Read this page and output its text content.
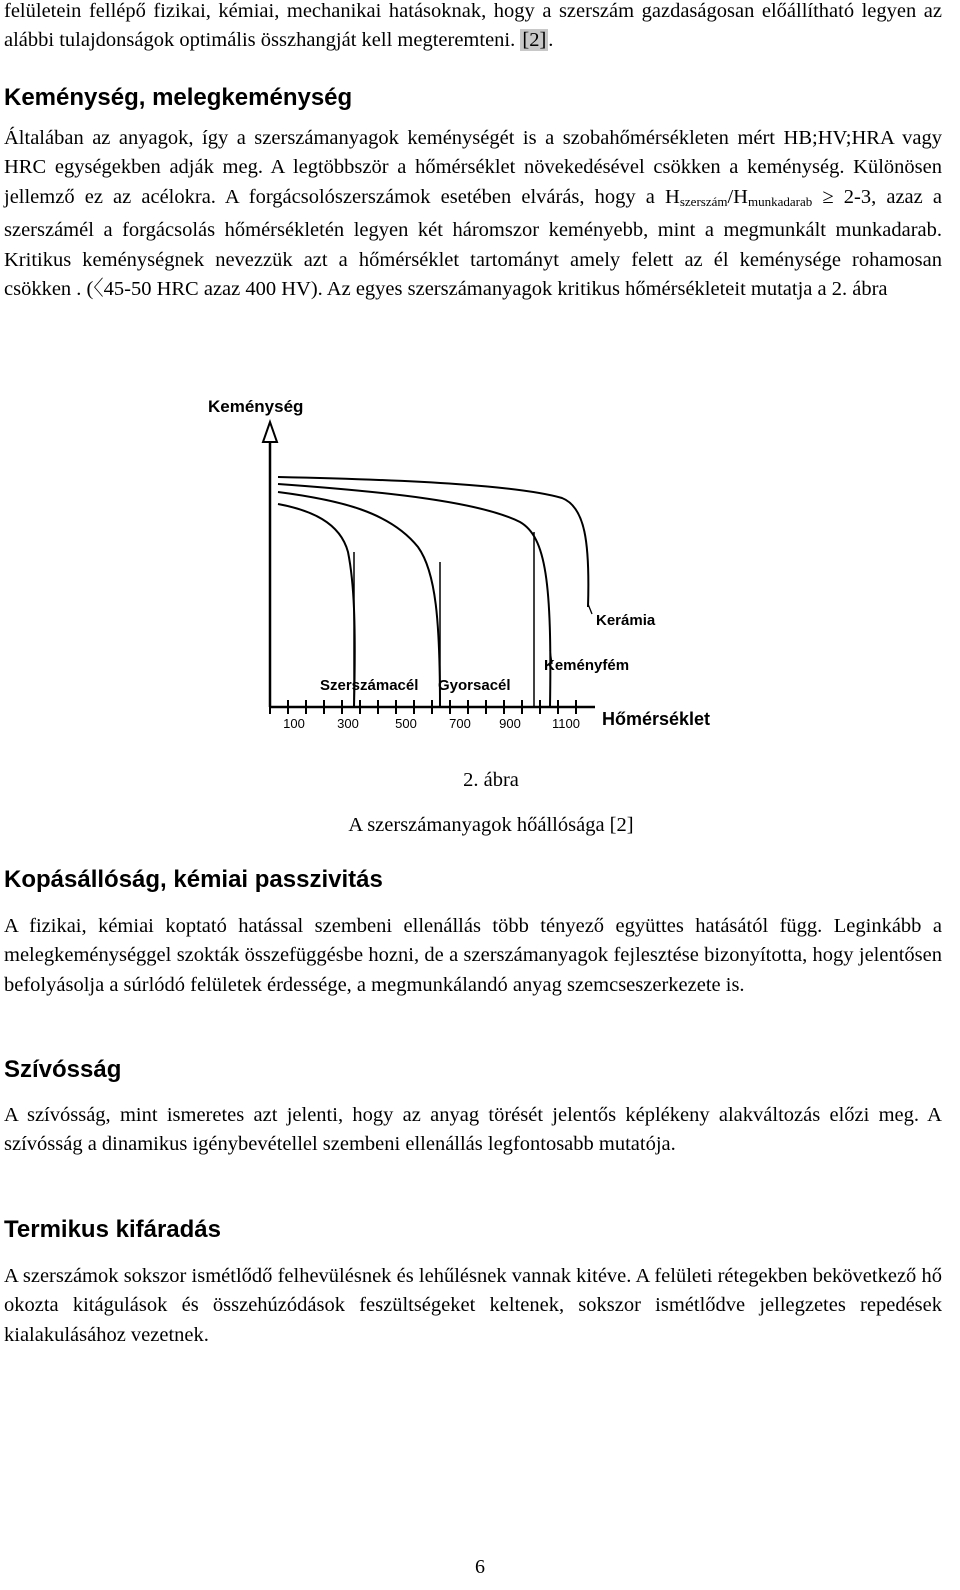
felületein fellépő fizikai, kémiai, mechanikai hatásoknak, hogy a szerszám gazdaságosan előállítható legyen az alábbi tulajdonságok optimális összhangját kell megteremteni. [2].

Keménység, melegkeménység

Általában az anyagok, így a szerszámanyagok keménységét is a szobahőmérsékleten mért HB;HV;HRA vagy HRC egységekben adják meg. A legtöbbször a hőmérséklet növekedésével csökken a keménység. Különösen jellemző ez az acélokra. A forgácsolószerszámok esetében elvárás, hogy a $H_{szerszám}/H_{munkadarab} \ge 2-3$, azaz a szerszámél a forgácsolás hőmérsékletén legyen két háromszor keményebb, mint a megmunkált munkadarab. Kritikus keménységnek nevezzük azt a hőmérséklet tartományt amely felett az él keménysége rohamosan csökken . (〈45-50 HRC azaz 400 HV). Az egyes szerszámanyagok kritikus hőmérsékleteit mutatja a 2. ábra

Keménység
100 300	500 700 900 1100 Hőmérséklet
Szerszámacél Gyorsacél
Keményfém
Kerámia
2. ábra
A szerszámanyagok hőállósága [2]
Kopásállóság, kémiai passzivitás

A fizikai, kémiai koptató hatással szembeni ellenállás több tényező együttes hatásától függ. Leginkább a melegkeménységgel szokták összefüggésbe hozni, de a szerszámanyagok fejlesztése bizonyította, hogy jelentősen befolyásolja a súrlódó felületek érdessége, a megmunkálandó anyag szemcseszerkezete is.

Szívósság

A szívósság, mint ismeretes azt jelenti, hogy az anyag törését jelentős képlékeny alakváltozás előzi meg. A szívósság a dinamikus igénybevétellel szembeni ellenállás legfontosabb mutatója.

Termikus kifáradás

A szerszámok sokszor ismétlődő felhevülésnek és lehűlésnek vannak kitéve. A felületi rétegekben bekövetkező hő okozta kitágulások és összehúzódások feszültségeket keltenek, sokszor ismétlődve jellegzetes repedések kialakulásához vezetnek.

6
